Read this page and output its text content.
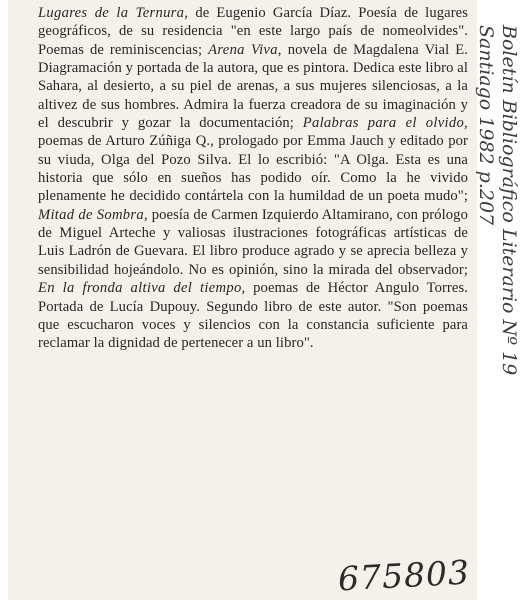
Lugares de la Ternura, de Eugenio García Díaz. Poesía de lugares geográficos, de su residencia "en este largo país de nomeolvides". Poemas de reminiscencias; Arena Viva, novela de Magdalena Vial E. Diagramación y portada de la autora, que es pintora. Dedica este libro al Sahara, al desierto, a su piel de arenas, a sus mujeres silenciosas, a la altivez de sus hombres. Admira la fuerza creadora de su imaginación y el descubrir y gozar la documentación; Palabras para el olvido, poemas de Arturo Zúñiga Q., prologado por Emma Jauch y editado por su viuda, Olga del Pozo Silva. El lo escribió: "A Olga. Esta es una historia que sólo en sueños has podido oír. Como la he vivido plenamente he decidido contártela con la humildad de un poeta mudo"; Mitad de Sombra, poesía de Carmen Izquierdo Altamirano, con prólogo de Miguel Arteche y valiosas ilustraciones fotográficas artísticas de Luis Ladrón de Guevara. El libro produce agrado y se aprecia belleza y sensibilidad hojeándolo. No es opinión, sino la mirada del observador; En la fronda altiva del tiempo, poemas de Héctor Angulo Torres. Portada de Lucía Dupouy. Segundo libro de este autor. "Son poemas que escucharon voces y silencios con la constancia suficiente para reclamar la dignidad de pertenecer a un libro".	Boletín Bibliográfico Literario Nº 19
Santiago 1982 p.207
675803
